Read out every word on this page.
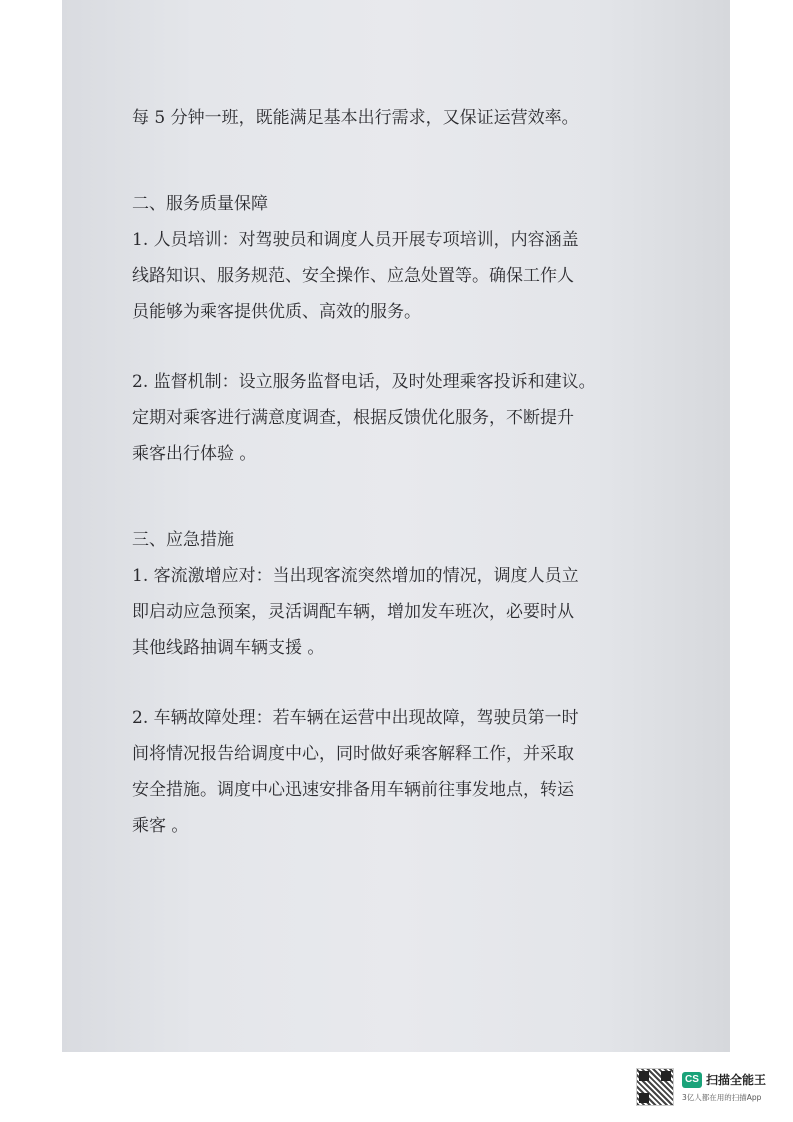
每 5 分钟一班，既能满足基本出行需求，又保证运营效率。

二、服务质量保障

1. 人员培训：对驾驶员和调度人员开展专项培训，内容涵盖

线路知识、服务规范、安全操作、应急处置等。确保工作人

员能够为乘客提供优质、高效的服务。

2. 监督机制：设立服务监督电话，及时处理乘客投诉和建议。

定期对乘客进行满意度调查，根据反馈优化服务，不断提升

乘客出行体验 。

三、应急措施

1. 客流激增应对：当出现客流突然增加的情况，调度人员立

即启动应急预案，灵活调配车辆，增加发车班次，必要时从

其他线路抽调车辆支援 。

2. 车辆故障处理：若车辆在运营中出现故障，驾驶员第一时

间将情况报告给调度中心，同时做好乘客解释工作，并采取

安全措施。调度中心迅速安排备用车辆前往事发地点，转运

乘客 。

CS 扫描全能王
3亿人都在用的扫描App
